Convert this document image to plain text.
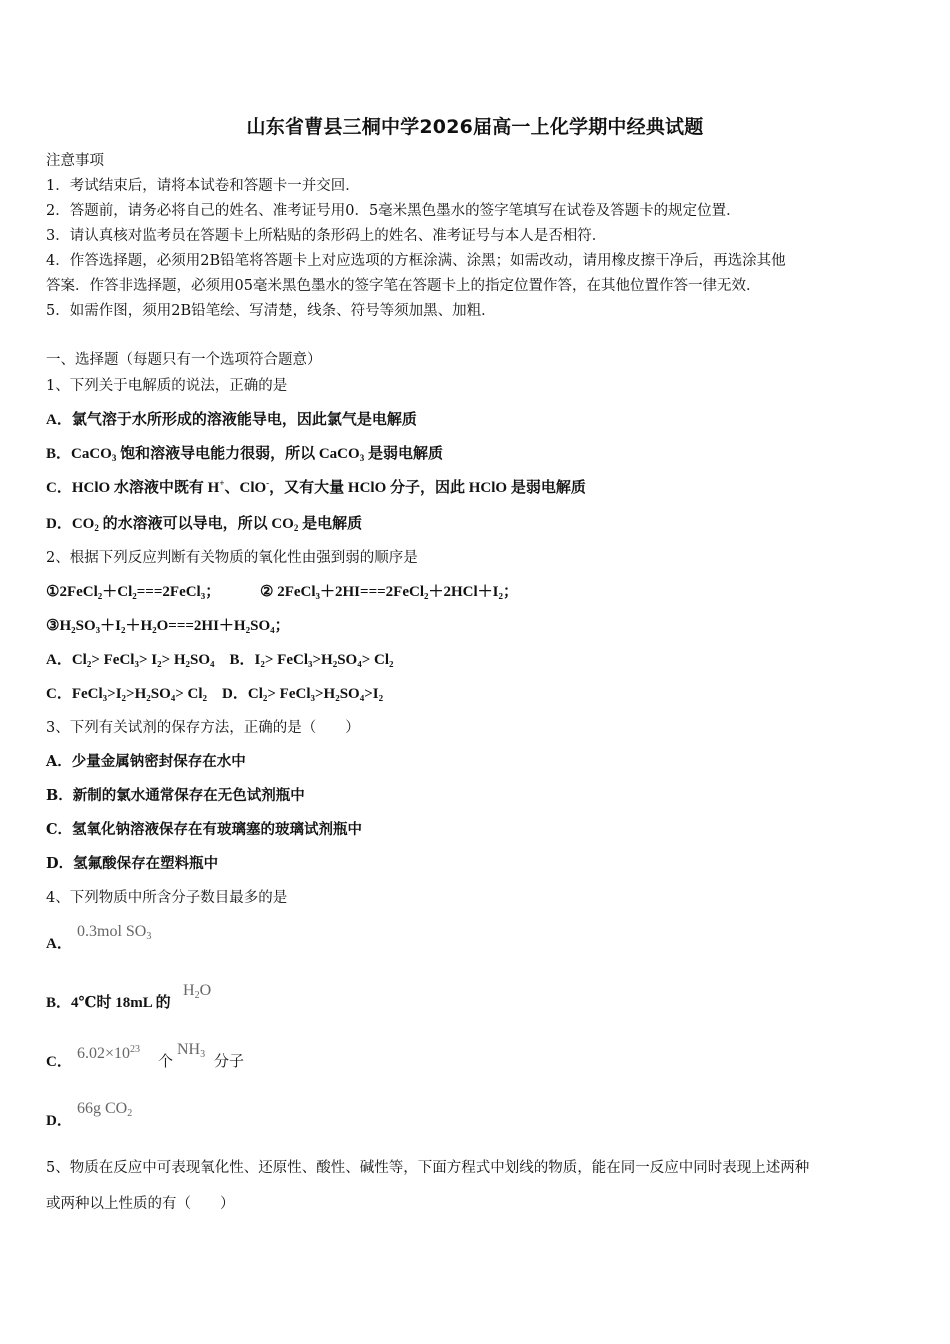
山东省曹县三桐中学2026届高一上化学期中经典试题
注意事项
1．考试结束后，请将本试卷和答题卡一并交回．
2．答题前，请务必将自己的姓名、准考证号用0．5毫米黑色墨水的签字笔填写在试卷及答题卡的规定位置．
3．请认真核对监考员在答题卡上所粘贴的条形码上的姓名、准考证号与本人是否相符．
4．作答选择题，必须用2B铅笔将答题卡上对应选项的方框涂满、涂黑；如需改动，请用橡皮擦干净后，再选涂其他
答案．作答非选择题，必须用05毫米黑色墨水的签字笔在答题卡上的指定位置作答，在其他位置作答一律无效．
5．如需作图，须用2B铅笔绘、写清楚，线条、符号等须加黑、加粗．
一、选择题（每题只有一个选项符合题意）
1、下列关于电解质的说法，正确的是
A．氯气溶于水所形成的溶液能导电，因此氯气是电解质
B．CaCO$_3$ 饱和溶液导电能力很弱，所以 CaCO$_3$ 是弱电解质
C．HClO 水溶液中既有 H+、ClO-，又有大量 HClO 分子，因此 HClO 是弱电解质
D．$CO_2$ 的水溶液可以导电，所以 $CO_2$ 是电解质
2、根据下列反应判断有关物质的氧化性由强到弱的顺序是
①2FeCl₂＋Cl₂===2FeCl₃；	② 2FeCl₃＋2HI===2FeCl₂＋2HCl＋I₂；
③H₂SO₃＋I₂＋H₂O===2HI＋H₂SO₄；
A．Cl₂> FeCl₃> I₂> H₂SO₄　B．I₂> FeCl₃>H₂SO₄> Cl₂
C．FeCl₃>I₂>H₂SO₄> Cl₂　D．Cl₂> FeCl₃>H₂SO₄>I₂
3、下列有关试剂的保存方法，正确的是（　　）
A．少量金属钠密封保存在水中
B．新制的氯水通常保存在无色试剂瓶中
C．氢氧化钠溶液保存在有玻璃塞的玻璃试剂瓶中
D．氢氟酸保存在塑料瓶中
4、下列物质中所含分子数目最多的是
A．
0.3mol $SO_3$
B．4℃时 18mL 的
$H_2O$
C． $6.02\times 10^{23}$
个
$NH_3$ 分子
D．
66g $CO_2$
5、物质在反应中可表现氧化性、还原性、酸性、碱性等，下面方程式中划线的物质，能在同一反应中同时表现上述两种
或两种以上性质的有（　　）
